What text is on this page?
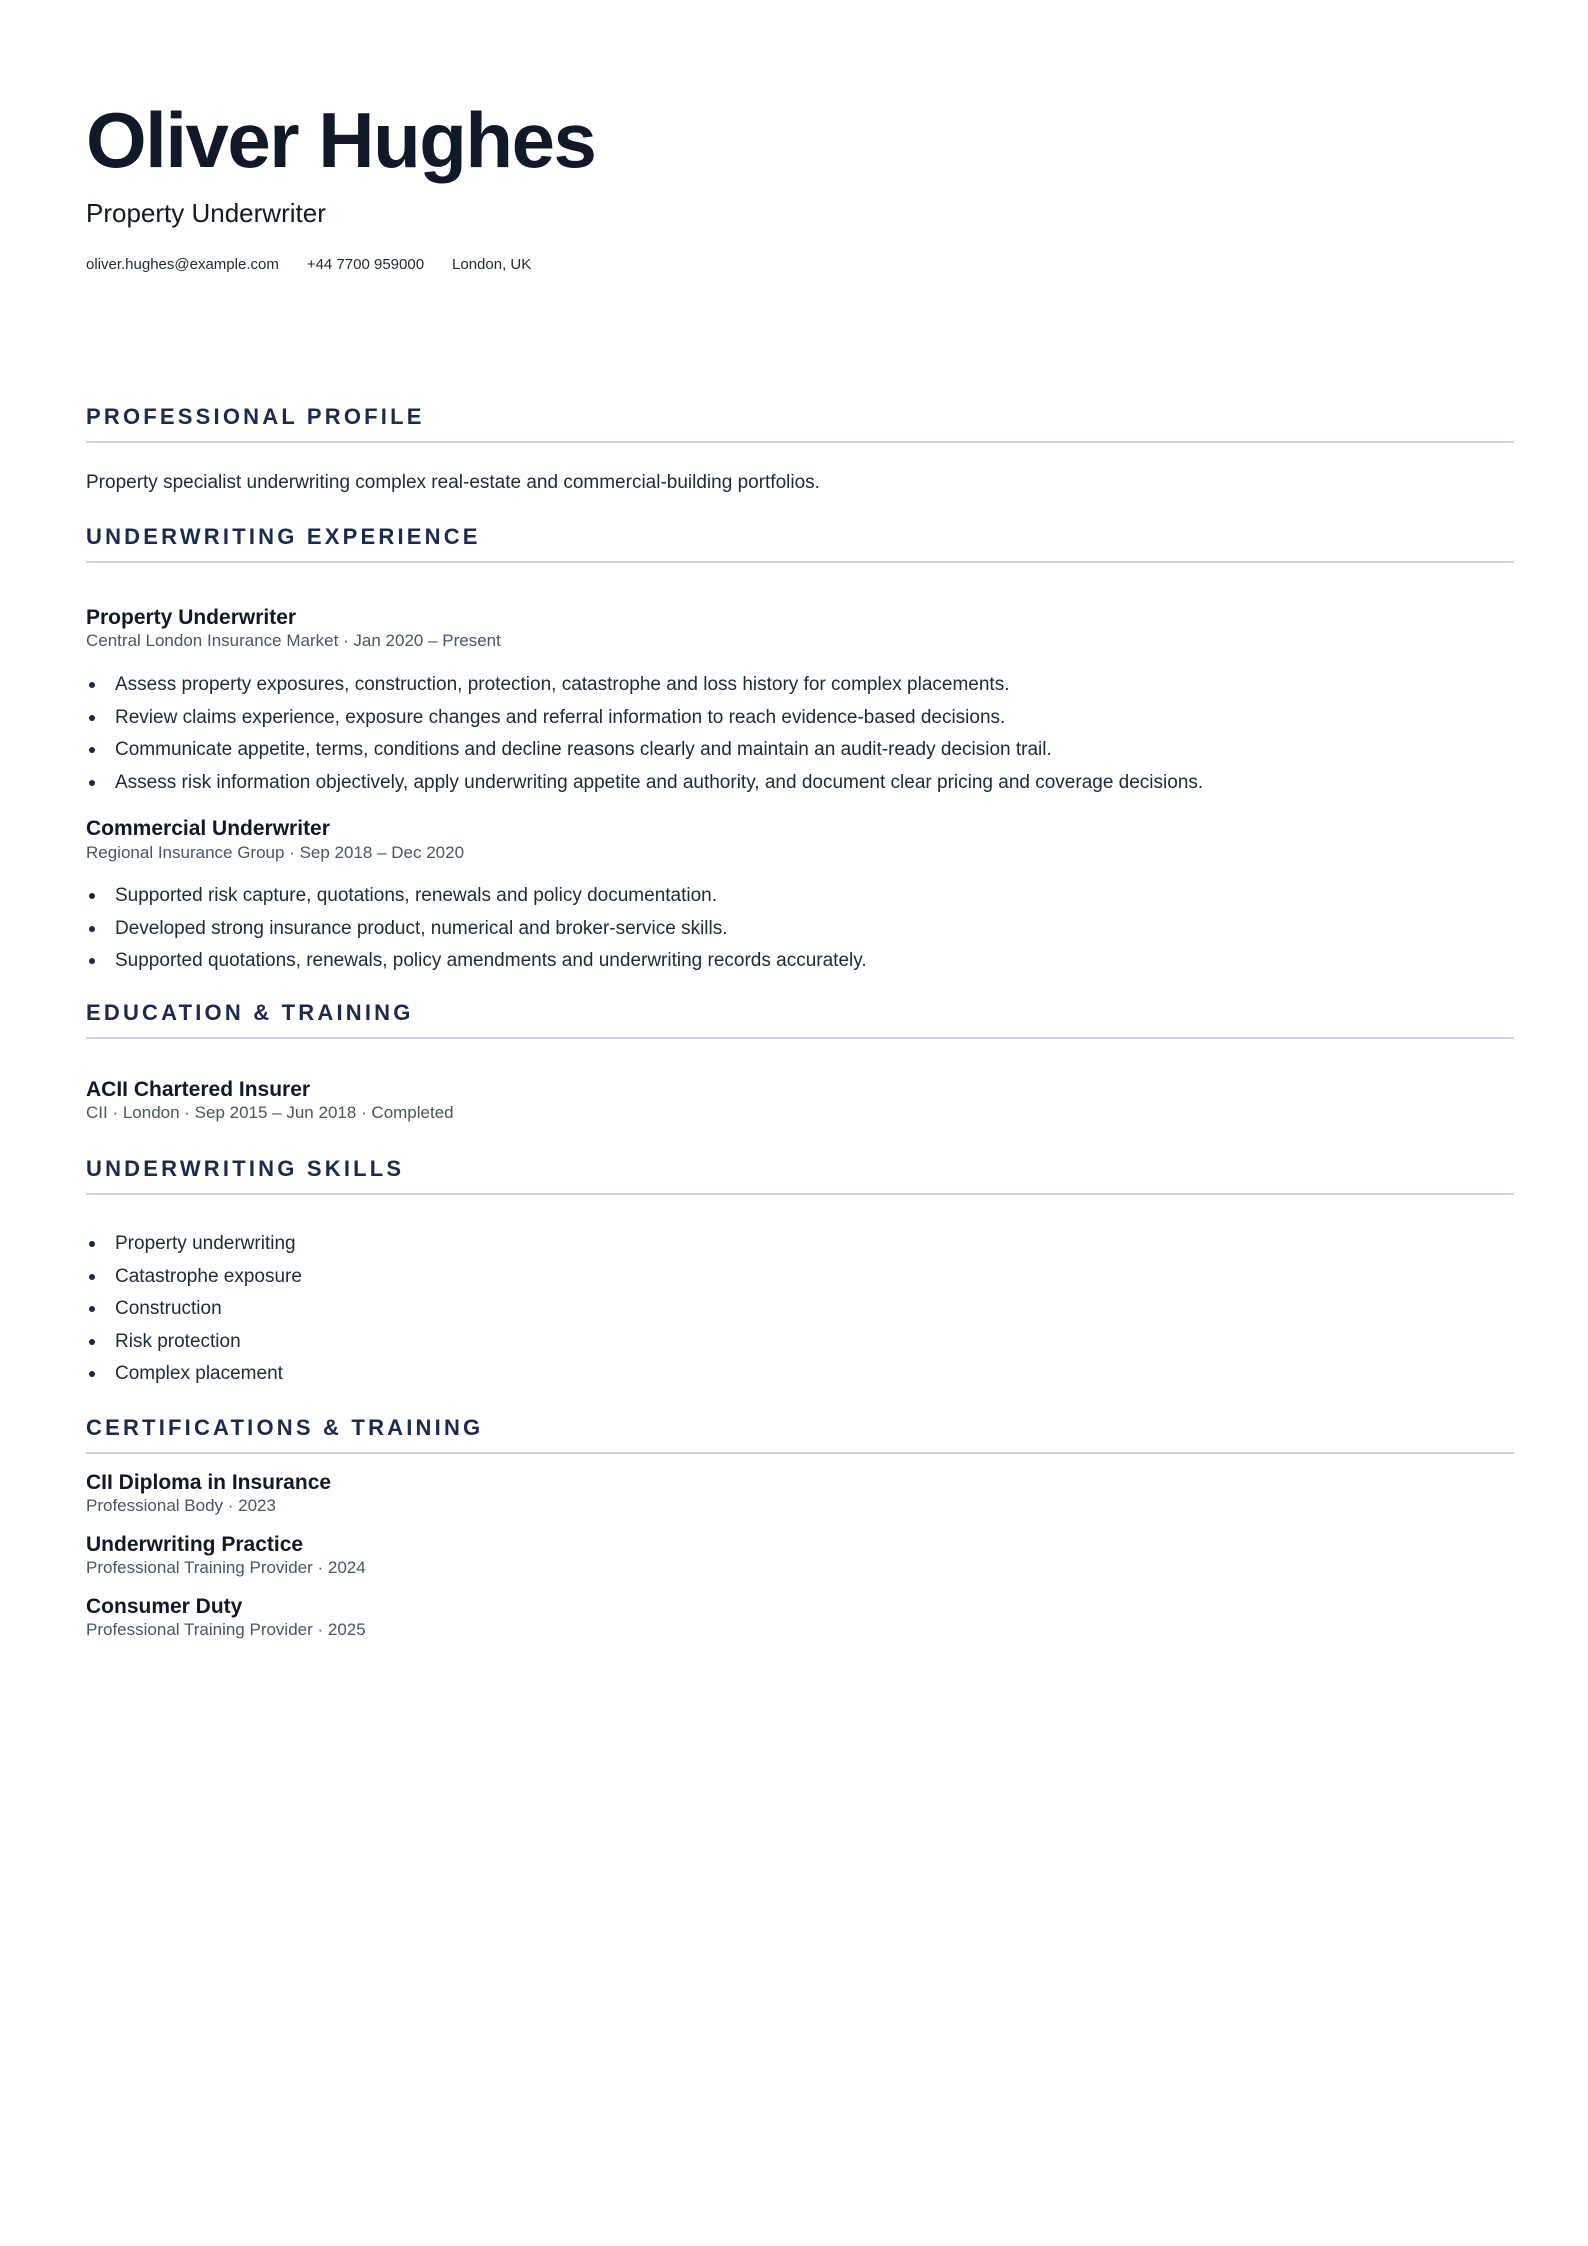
Oliver Hughes
Property Underwriter
oliver.hughes@example.com +44 7700 959000 London, UK
PROFESSIONAL PROFILE
Property specialist underwriting complex real-estate and commercial-building portfolios.
UNDERWRITING EXPERIENCE
Property Underwriter
Central London Insurance Market · Jan 2020 – Present
Assess property exposures, construction, protection, catastrophe and loss history for complex placements.
Review claims experience, exposure changes and referral information to reach evidence-based decisions.
Communicate appetite, terms, conditions and decline reasons clearly and maintain an audit-ready decision trail.
Assess risk information objectively, apply underwriting appetite and authority, and document clear pricing and coverage decisions.
Commercial Underwriter
Regional Insurance Group · Sep 2018 – Dec 2020
Supported risk capture, quotations, renewals and policy documentation.
Developed strong insurance product, numerical and broker-service skills.
Supported quotations, renewals, policy amendments and underwriting records accurately.
EDUCATION & TRAINING
ACII Chartered Insurer
CII · London · Sep 2015 – Jun 2018 · Completed
UNDERWRITING SKILLS
Property underwriting
Catastrophe exposure
Construction
Risk protection
Complex placement
CERTIFICATIONS & TRAINING
CII Diploma in Insurance
Professional Body · 2023
Underwriting Practice
Professional Training Provider · 2024
Consumer Duty
Professional Training Provider · 2025
